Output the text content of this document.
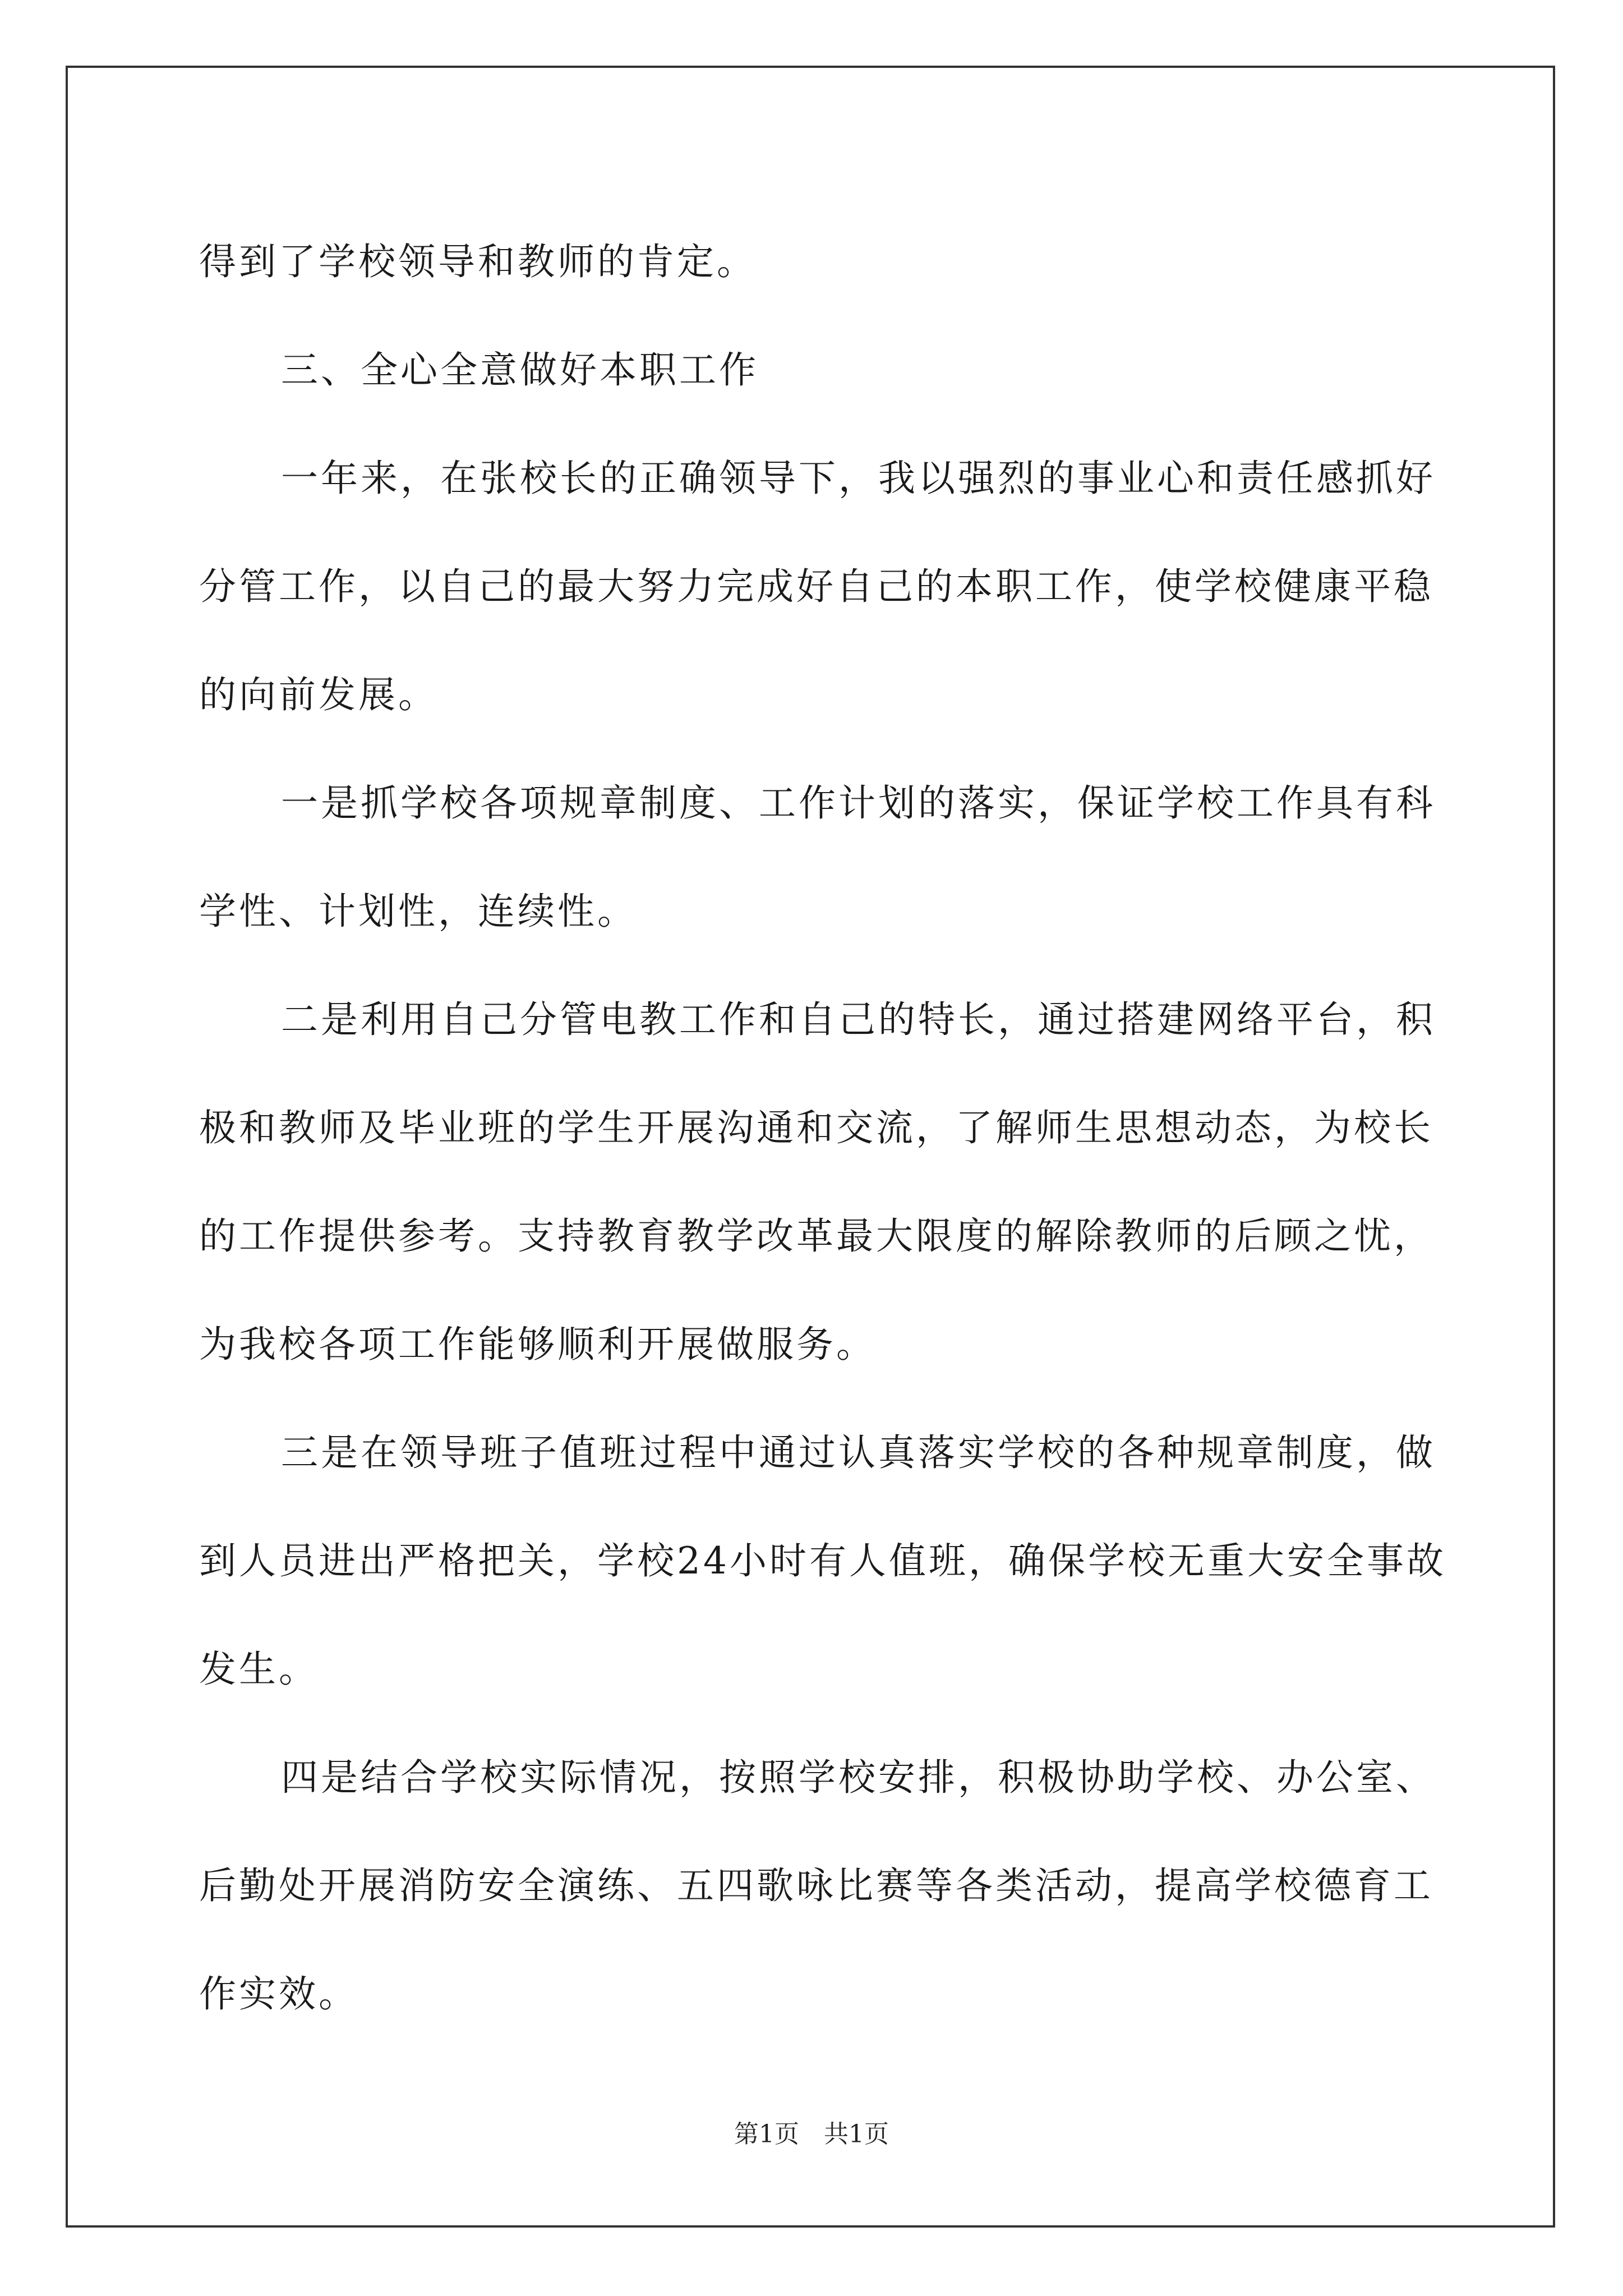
得到了学校领导和教师的肯定。

三、全心全意做好本职工作

一年来，在张校长的正确领导下，我以强烈的事业心和责任感抓好分管工作，以自己的最大努力完成好自己的本职工作，使学校健康平稳的向前发展。

一是抓学校各项规章制度、工作计划的落实，保证学校工作具有科学性、计划性，连续性。

二是利用自己分管电教工作和自己的特长，通过搭建网络平台，积极和教师及毕业班的学生开展沟通和交流，了解师生思想动态，为校长的工作提供参考。支持教育教学改革最大限度的解除教师的后顾之忧，为我校各项工作能够顺利开展做服务。

三是在领导班子值班过程中通过认真落实学校的各种规章制度，做到人员进出严格把关，学校24小时有人值班，确保学校无重大安全事故发生。

四是结合学校实际情况，按照学校安排，积极协助学校、办公室、后勤处开展消防安全演练、五四歌咏比赛等各类活动，提高学校德育工作实效。

第1页　共1页
